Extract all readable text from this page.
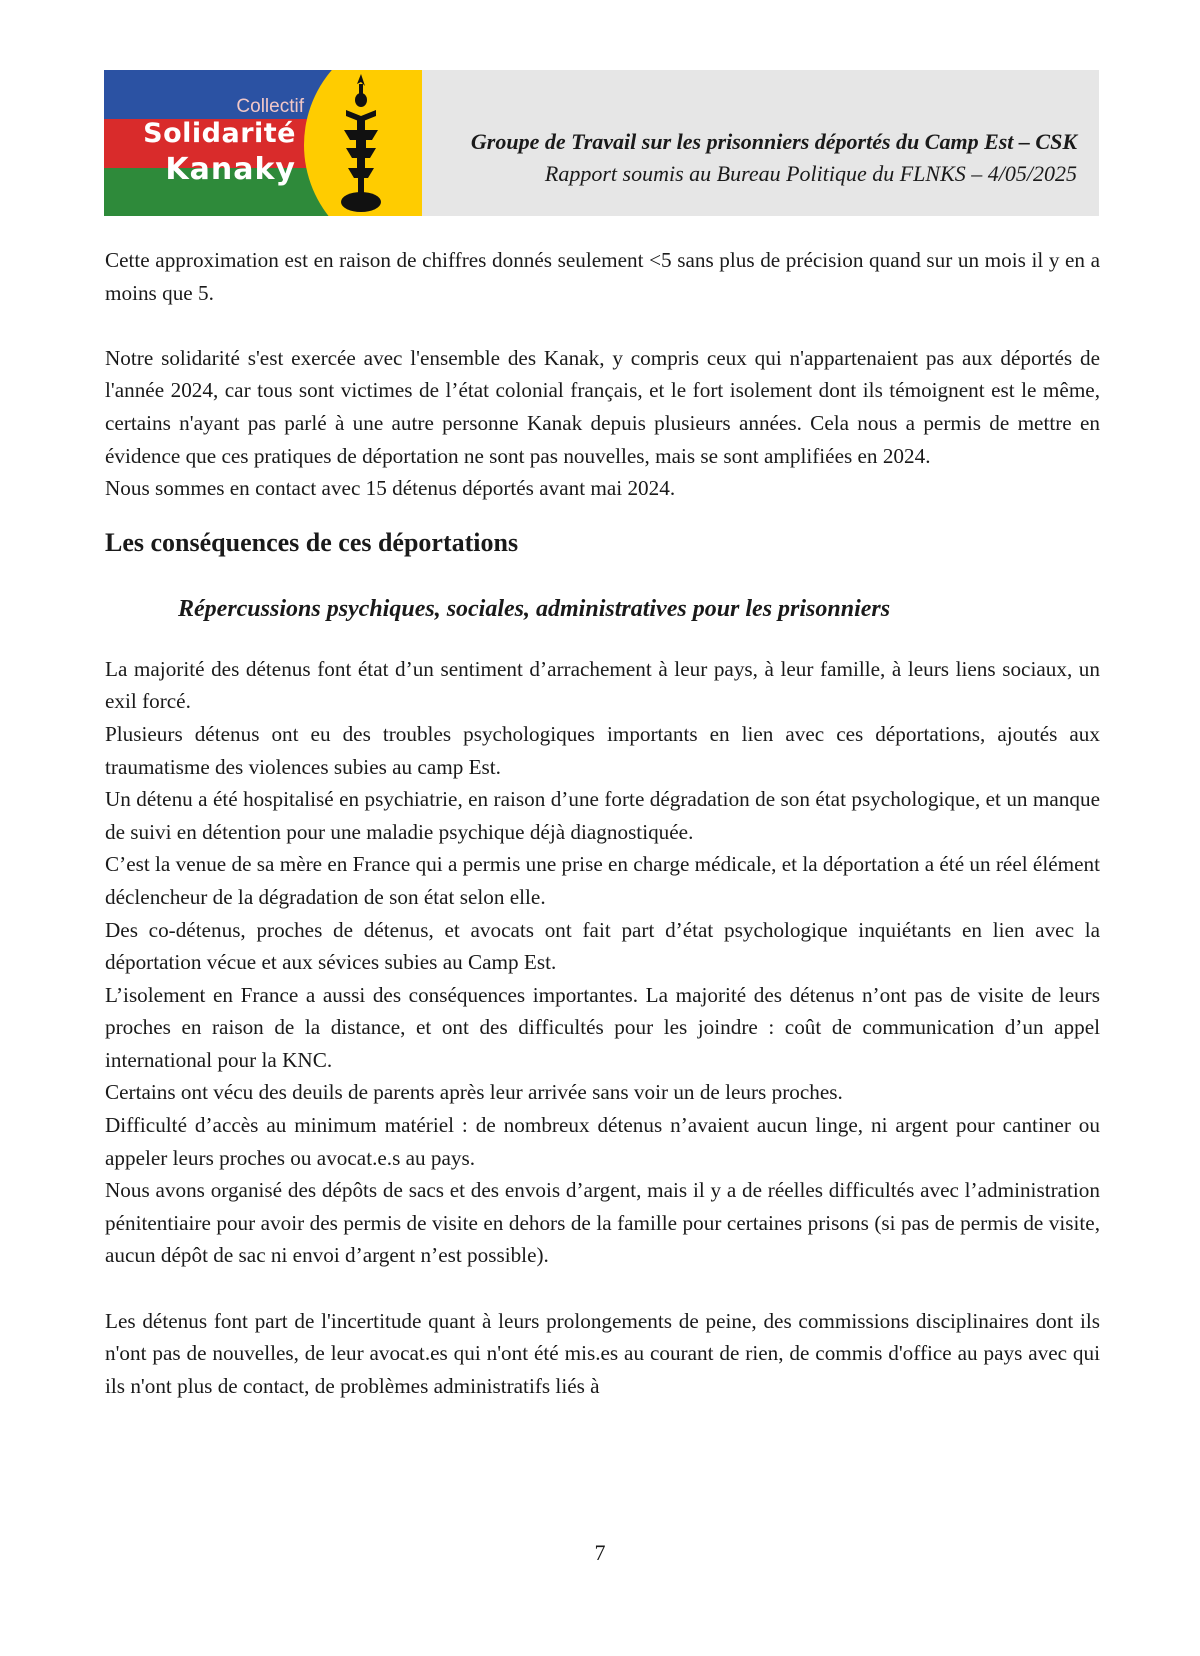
Collectif
Solidarité
Kanaky
Groupe de Travail sur les prisonniers déportés du Camp Est – CSK
Rapport soumis au Bureau Politique du FLNKS – 4/05/2025

Cette approximation est en raison de chiffres donnés seulement <5 sans plus de précision quand sur un mois il y en a moins que 5.

Notre solidarité s'est exercée avec l'ensemble des Kanak, y compris ceux qui n'appartenaient pas aux déportés de l'année 2024, car tous sont victimes de l’état colonial français, et le fort isolement dont ils témoignent est le même, certains n'ayant pas parlé à une autre personne Kanak depuis plusieurs années. Cela nous a permis de mettre en évidence que ces pratiques de déportation ne sont pas nouvelles, mais se sont amplifiées en 2024.

Nous sommes en contact avec 15 détenus déportés avant mai 2024.

Les conséquences de ces déportations
Répercussions psychiques, sociales, administratives pour les prisonniers

La majorité des détenus font état d’un sentiment d’arrachement à leur pays, à leur famille, à leurs liens sociaux, un exil forcé.

Plusieurs détenus ont eu des troubles psychologiques importants en lien avec ces déportations, ajoutés aux traumatisme des violences subies au camp Est.

Un détenu a été hospitalisé en psychiatrie, en raison d’une forte dégradation de son état psychologique, et un manque de suivi en détention pour une maladie psychique déjà diagnostiquée.

C’est la venue de sa mère en France qui a permis une prise en charge médicale, et la déportation a été un réel élément déclencheur de la dégradation de son état selon elle.

Des co-détenus, proches de détenus, et avocats ont fait part d’état psychologique inquiétants en lien avec la déportation vécue et aux sévices subies au Camp Est.

L’isolement en France a aussi des conséquences importantes. La majorité des détenus n’ont pas de visite de leurs proches en raison de la distance, et ont des difficultés pour les joindre : coût de communication d’un appel international pour la KNC.

Certains ont vécu des deuils de parents après leur arrivée sans voir un de leurs proches.

Difficulté d’accès au minimum matériel : de nombreux détenus n’avaient aucun linge, ni argent pour cantiner ou appeler leurs proches ou avocat.e.s au pays.

Nous avons organisé des dépôts de sacs et des envois d’argent, mais il y a de réelles difficultés avec l’administration pénitentiaire pour avoir des permis de visite en dehors de la famille pour certaines prisons (si pas de permis de visite, aucun dépôt de sac ni envoi d’argent n’est possible).

Les détenus font part de l'incertitude quant à leurs prolongements de peine, des commissions disciplinaires dont ils n'ont pas de nouvelles, de leur avocat.es qui n'ont été mis.es au courant de rien, de commis d'office au pays avec qui ils n'ont plus de contact, de problèmes administratifs liés à

7
